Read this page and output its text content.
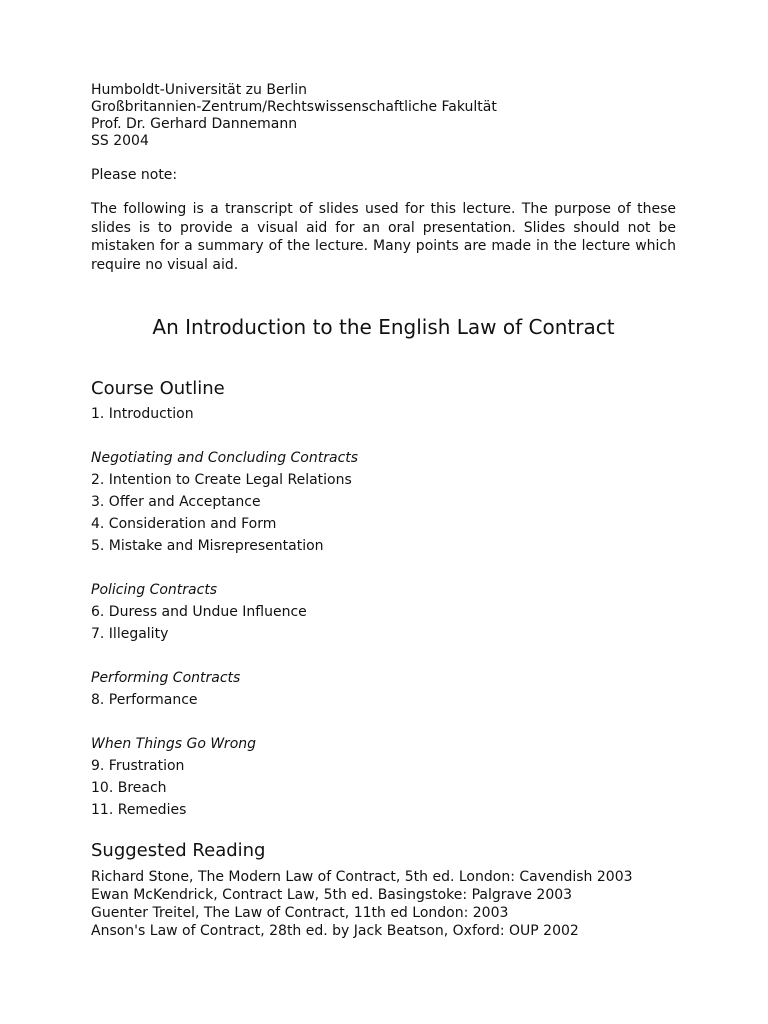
Humboldt-Universität zu Berlin

Großbritannien-Zentrum/Rechtswissenschaftliche Fakultät

Prof. Dr. Gerhard Dannemann

SS 2004

Please note:

The following is a transcript of slides used for this lecture. The purpose of these slides is to provide a visual aid for an oral presentation. Slides should not be mistaken for a summary of the lecture. Many points are made in the lecture which require no visual aid.

An Introduction to the English Law of Contract
Course Outline

1. Introduction

Negotiating and Concluding Contracts

2. Intention to Create Legal Relations

3. Offer and Acceptance

4. Consideration and Form

5. Mistake and Misrepresentation

Policing Contracts

6. Duress and Undue Influence

7. Illegality

Performing Contracts

8. Performance

When Things Go Wrong

9. Frustration

10. Breach

11. Remedies

Suggested Reading

Richard Stone, The Modern Law of Contract, 5th ed. London: Cavendish 2003

Ewan McKendrick, Contract Law, 5th ed. Basingstoke: Palgrave 2003

Guenter Treitel, The Law of Contract, 11th ed London: 2003

Anson's Law of Contract, 28th ed. by Jack Beatson, Oxford: OUP 2002
